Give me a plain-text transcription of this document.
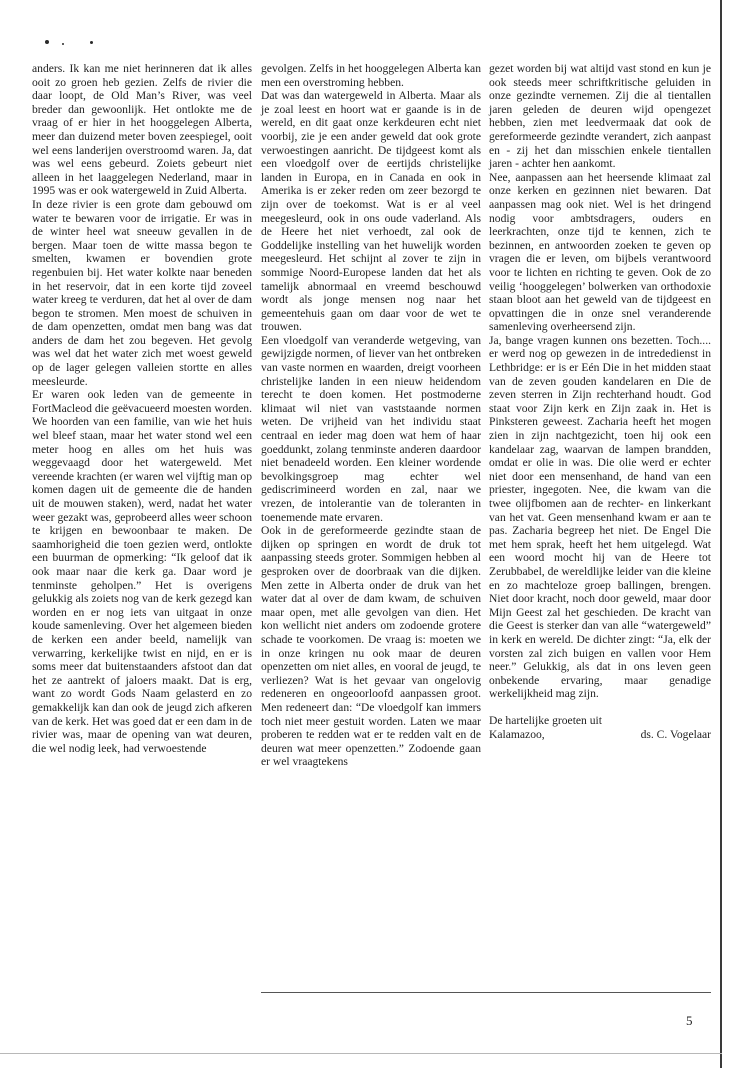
anders. Ik kan me niet herinneren dat ik alles ooit zo groen heb gezien. Zelfs de rivier die daar loopt, de Old Man’s River, was veel breder dan gewoonlijk. Het ontlokte me de vraag of er hier in het hooggelegen Alberta, meer dan duizend meter boven zeespiegel, ooit wel eens landerijen overstroomd waren. Ja, dat was wel eens gebeurd. Zoiets gebeurt niet alleen in het laaggelegen Nederland, maar in 1995 was er ook watergeweld in Zuid Alberta.

In deze rivier is een grote dam gebouwd om water te bewaren voor de irrigatie. Er was in de winter heel wat sneeuw gevallen in de bergen. Maar toen de witte massa begon te smelten, kwamen er bovendien grote regenbuien bij. Het water kolkte naar beneden in het reservoir, dat in een korte tijd zoveel water kreeg te verduren, dat het al over de dam begon te stromen. Men moest de schuiven in de dam openzetten, omdat men bang was dat anders de dam het zou begeven. Het gevolg was wel dat het water zich met woest geweld op de lager gelegen valleien stortte en alles meesleurde.

Er waren ook leden van de gemeente in FortMacleod die geëvacueerd moesten worden. We hoorden van een familie, van wie het huis wel bleef staan, maar het water stond wel een meter hoog en alles om het huis was weggevaagd door het watergeweld. Met vereende krachten (er waren wel vijftig man op komen dagen uit de gemeente die de handen uit de mouwen staken), werd, nadat het water weer gezakt was, geprobeerd alles weer schoon te krijgen en bewoonbaar te maken. De saamhorigheid die toen gezien werd, ontlokte een buurman de opmerking: “Ik geloof dat ik ook maar naar die kerk ga. Daar word je tenminste geholpen.” Het is overigens gelukkig als zoiets nog van de kerk gezegd kan worden en er nog iets van uitgaat in onze koude samenleving. Over het algemeen bieden de kerken een ander beeld, namelijk van verwarring, kerkelijke twist en nijd, en er is soms meer dat buitenstaanders afstoot dan dat het ze aantrekt of jaloers maakt. Dat is erg, want zo wordt Gods Naam gelasterd en zo gemakkelijk kan dan ook de jeugd zich afkeren van de kerk. Het was goed dat er een dam in de rivier was, maar de opening van wat deuren, die wel nodig leek, had verwoestende

gevolgen. Zelfs in het hooggelegen Alberta kan men een overstroming hebben.

Dat was dan watergeweld in Alberta. Maar als je zoal leest en hoort wat er gaande is in de wereld, en dit gaat onze kerkdeuren echt niet voorbij, zie je een ander geweld dat ook grote verwoestingen aanricht. De tijdgeest komt als een vloedgolf over de eertijds christelijke landen in Europa, en in Canada en ook in Amerika is er zeker reden om zeer bezorgd te zijn over de toekomst. Wat is er al veel meegesleurd, ook in ons oude vaderland. Als de Heere het niet verhoedt, zal ook de Goddelijke instelling van het huwelijk worden meegesleurd. Het schijnt al zover te zijn in sommige Noord-Europese landen dat het als tamelijk abnormaal en vreemd beschouwd wordt als jonge mensen nog naar het gemeentehuis gaan om daar voor de wet te trouwen.

Een vloedgolf van veranderde wetgeving, van gewijzigde normen, of liever van het ontbreken van vaste normen en waarden, dreigt voorheen christelijke landen in een nieuw heidendom terecht te doen komen. Het postmoderne klimaat wil niet van vaststaande normen weten. De vrijheid van het individu staat centraal en ieder mag doen wat hem of haar goeddunkt, zolang tenminste anderen daardoor niet benadeeld worden. Een kleiner wordende bevolkingsgroep mag echter wel gediscrimineerd worden en zal, naar we vrezen, de intolerantie van de toleranten in toenemende mate ervaren.

Ook in de gereformeerde gezindte staan de dijken op springen en wordt de druk tot aanpassing steeds groter. Sommigen hebben al gesproken over de doorbraak van die dijken. Men zette in Alberta onder de druk van het water dat al over de dam kwam, de schuiven maar open, met alle gevolgen van dien. Het kon wellicht niet anders om zodoende grotere schade te voorkomen. De vraag is: moeten we in onze kringen nu ook maar de deuren openzetten om niet alles, en vooral de jeugd, te verliezen? Wat is het gevaar van ongelovig redeneren en ongeoorloofd aanpassen groot. Men redeneert dan: “De vloedgolf kan immers toch niet meer gestuit worden. Laten we maar proberen te redden wat er te redden valt en de deuren wat meer openzetten.” Zodoende gaan er wel vraagtekens

gezet worden bij wat altijd vast stond en kun je ook steeds meer schriftkritische geluiden in onze gezindte vernemen. Zij die al tientallen jaren geleden de deuren wijd opengezet hebben, zien met leedvermaak dat ook de gereformeerde gezindte verandert, zich aanpast en - zij het dan misschien enkele tientallen jaren - achter hen aankomt.

Nee, aanpassen aan het heersende klimaat zal onze kerken en gezinnen niet bewaren. Dat aanpassen mag ook niet. Wel is het dringend nodig voor ambtsdragers, ouders en leerkrachten, onze tijd te kennen, zich te bezinnen, en antwoorden zoeken te geven op vragen die er leven, om bijbels verantwoord voor te lichten en richting te geven. Ook de zo veilig ‘hooggelegen’ bolwerken van orthodoxie staan bloot aan het geweld van de tijdgeest en opvattingen die in onze snel veranderende samenleving overheersend zijn.

Ja, bange vragen kunnen ons bezetten. Toch.... er werd nog op gewezen in de intrededienst in Lethbridge: er is er Eén Die in het midden staat van de zeven gouden kandelaren en Die de zeven sterren in Zijn rechterhand houdt. God staat voor Zijn kerk en Zijn zaak in. Het is Pinksteren geweest. Zacharia heeft het mogen zien in zijn nachtgezicht, toen hij ook een kandelaar zag, waarvan de lampen brandden, omdat er olie in was. Die olie werd er echter niet door een mensenhand, de hand van een priester, ingegoten. Nee, die kwam van die twee olijfbomen aan de rechter- en linkerkant van het vat. Geen mensenhand kwam er aan te pas. Zacharia begreep het niet. De Engel Die met hem sprak, heeft het hem uitgelegd. Wat een woord mocht hij van de Heere tot Zerubbabel, de wereldlijke leider van die kleine en zo machteloze groep ballingen, brengen. Niet door kracht, noch door geweld, maar door Mijn Geest zal het geschieden. De kracht van die Geest is sterker dan van alle “watergeweld” in kerk en wereld. De dichter zingt: “Ja, elk der vorsten zal zich buigen en vallen voor Hem neer.” Gelukkig, als dat in ons leven geen onbekende ervaring, maar genadige werkelijkheid mag zijn.

De hartelijke groeten uit

Kalamazoo,	ds. C. Vogelaar

5
